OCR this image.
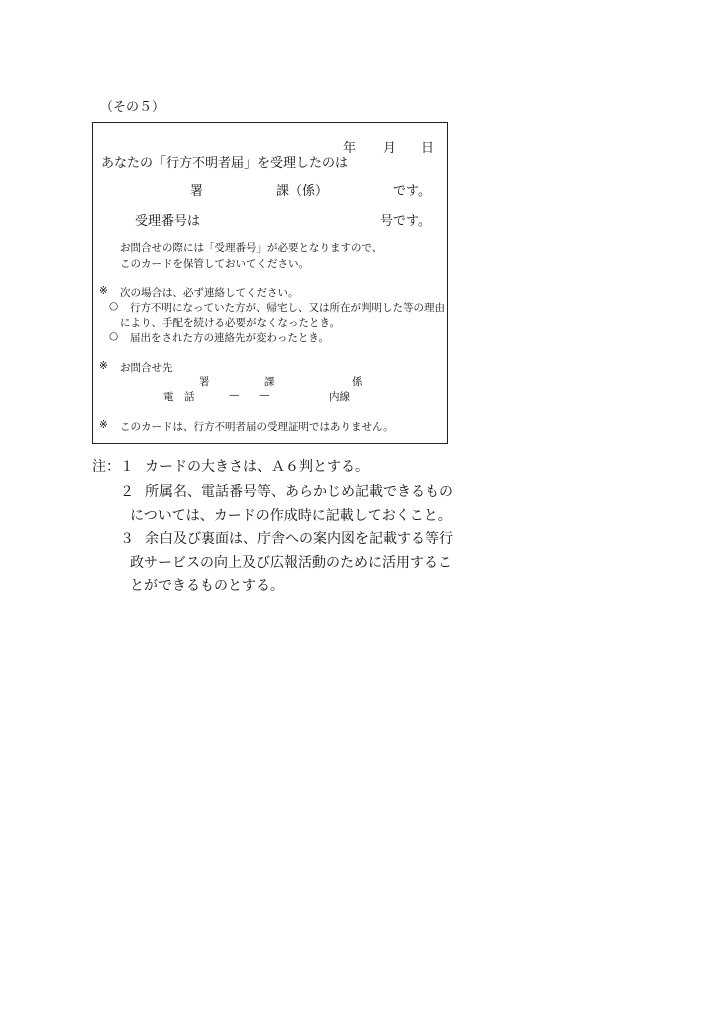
（その５）
年 月 日
あなたの「行方不明者届」を受理したのは
署	課（係）	です。
受理番号は	号です。
お問合せの際には「受理番号」が必要となりますので、
このカードを保管しておいてください。
※ 次の場合は、必ず連絡してください。
○ 行方不明になっていた方が、帰宅し、又は所在が判明した等の理由
により、手配を続ける必要がなくなったとき。
○ 届出をされた方の連絡先が変わったとき。
※ お問合せ先
署	課	係
電　話	— —	内線
※ このカードは、行方不明者届の受理証明ではありません。
注： １ カードの大きさは、Ａ６判とする。
２ 所属名、電話番号等、あらかじめ記載できるもの
については、カードの作成時に記載しておくこと。
３ 余白及び裏面は、庁舎への案内図を記載する等行
政サービスの向上及び広報活動のために活用するこ
とができるものとする。
